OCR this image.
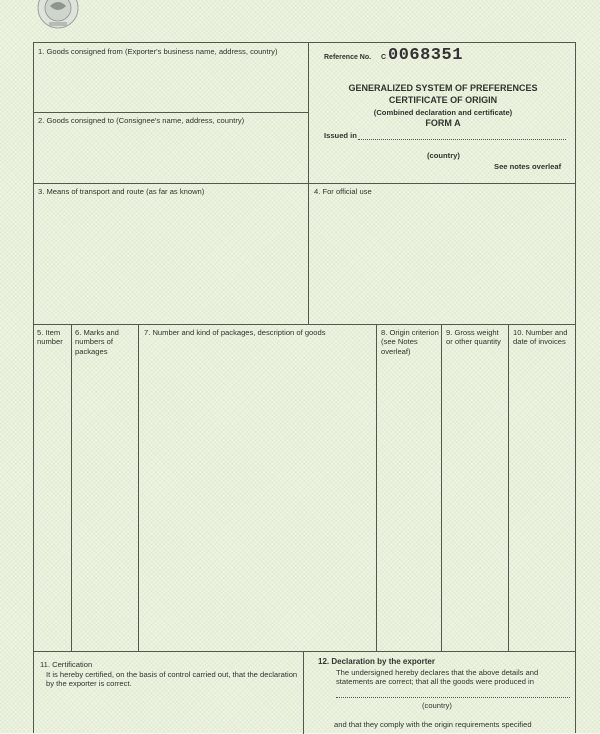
1. Goods consigned from (Exporter's business name, address, country)
2. Goods consigned to (Consignee's name, address, country)
3. Means of transport and route (as far as known)	4. For official use
Reference No. C 0068351
GENERALIZED SYSTEM OF PREFERENCES
CERTIFICATE OF ORIGIN
(Combined declaration and certificate)
FORM A
Issued in
(country)
See notes overleaf
5. Item number
6. Marks and numbers of packages
7. Number and kind of packages, description of goods	8. Origin criterion (see Notes overleaf)
9. Gross weight or other quantity
10. Number and date of invoices
11. Certification
It is hereby certified, on the basis of control carried out, that the declaration by the exporter is correct.
12. Declaration by the exporter
The undersigned hereby declares that the above details and statements are correct; that all the goods were produced in
(country)
and that they comply with the origin requirements specified
